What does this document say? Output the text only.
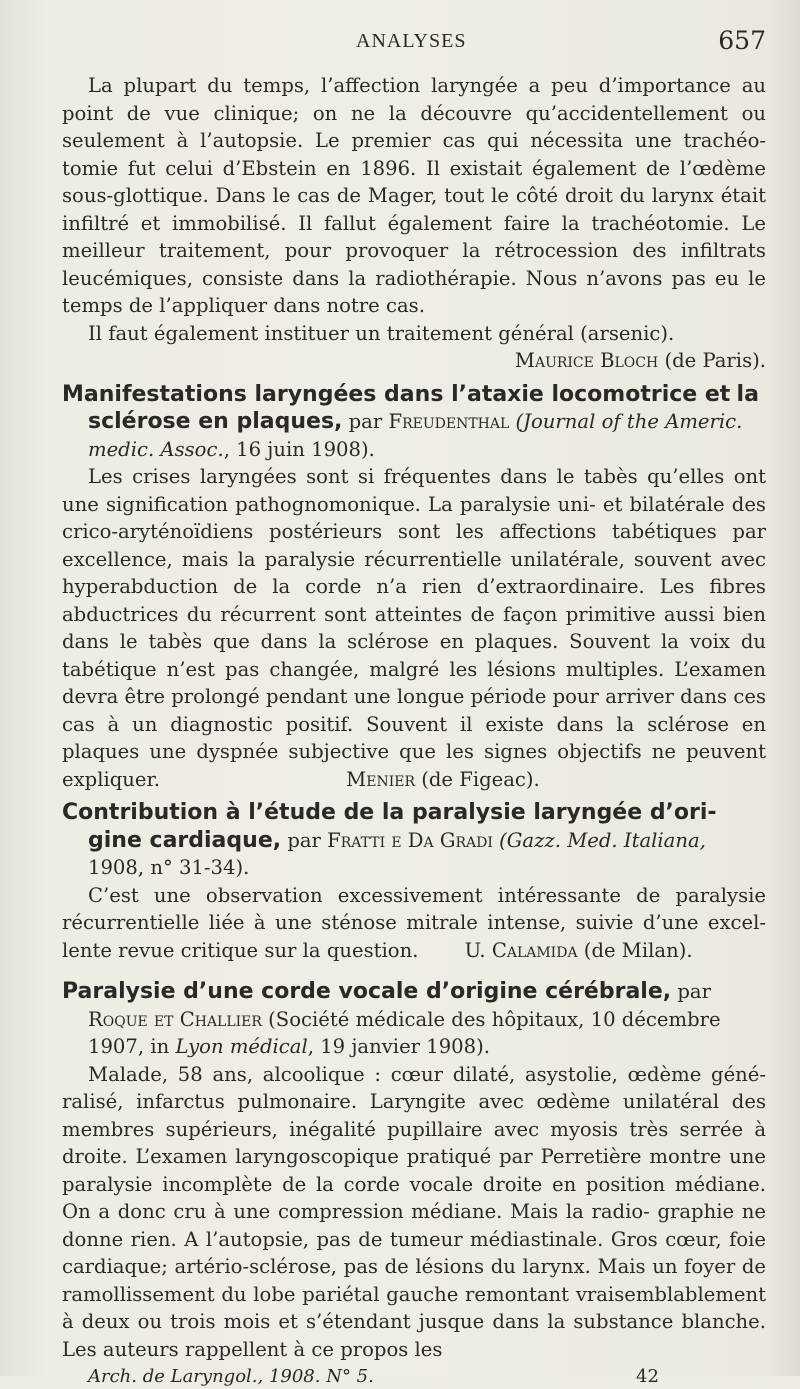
ANALYSES	657

La plupart du temps, l’affection laryngée a peu d’importance au point de vue clinique; on ne la découvre qu’accidentellement ou seulement à l’autopsie. Le premier cas qui nécessita une trachéo- tomie fut celui d’Ebstein en 1896. Il existait également de l’œdème sous-glottique. Dans le cas de Mager, tout le côté droit du larynx était infiltré et immobilisé. Il fallut également faire la trachéotomie. Le meilleur traitement, pour provoquer la rétrocession des infiltrats leucémiques, consiste dans la radiothérapie. Nous n’avons pas eu le temps de l’appliquer dans notre cas.

Il faut également instituer un traitement général (arsenic).

Maurice Bloch (de Paris).
Manifestations laryngées dans l’ataxie locomotrice et la sclérose en plaques, par Freudenthal (Journal of the Americ. medic. Assoc., 16 juin 1908).

Les crises laryngées sont si fréquentes dans le tabès qu’elles ont une signification pathognomonique. La paralysie uni- et bilatérale des crico-aryténoïdiens postérieurs sont les affections tabétiques par excellence, mais la paralysie récurrentielle unilatérale, souvent avec hyperabduction de la corde n’a rien d’extraordinaire. Les fibres abductrices du récurrent sont atteintes de façon primitive aussi bien dans le tabès que dans la sclérose en plaques. Souvent la voix du tabétique n’est pas changée, malgré les lésions multiples. L’examen devra être prolongé pendant une longue période pour arriver dans ces cas à un diagnostic positif. Souvent il existe dans la sclérose en plaques une dyspnée subjective que les signes objectifs ne peuvent expliquer.	Menier (de Figeac).

Contribution à l’étude de la paralysie laryngée d’ori- gine cardiaque, par Fratti e Da Gradi (Gazz. Med. Italiana, 1908, n° 31-34).

C’est une observation excessivement intéressante de paralysie récurrentielle liée à une sténose mitrale intense, suivie d’une excel- lente revue critique sur la question. U. Calamida (de Milan).

Paralysie d’une corde vocale d’origine cérébrale, par Roque et Challier (Société médicale des hôpitaux, 10 décembre 1907, in Lyon médical, 19 janvier 1908).

Malade, 58 ans, alcoolique : cœur dilaté, asystolie, œdème géné- ralisé, infarctus pulmonaire. Laryngite avec œdème unilatéral des membres supérieurs, inégalité pupillaire avec myosis très serrée à droite. L’examen laryngoscopique pratiqué par Perretière montre une paralysie incomplète de la corde vocale droite en position médiane. On a donc cru à une compression médiane. Mais la radio- graphie ne donne rien. A l’autopsie, pas de tumeur médiastinale. Gros cœur, foie cardiaque; artério-sclérose, pas de lésions du larynx. Mais un foyer de ramollissement du lobe pariétal gauche remontant vraisemblablement à deux ou trois mois et s’étendant jusque dans la substance blanche. Les auteurs rappellent à ce propos les

Arch. de Laryngol., 1908. N° 5.	42
